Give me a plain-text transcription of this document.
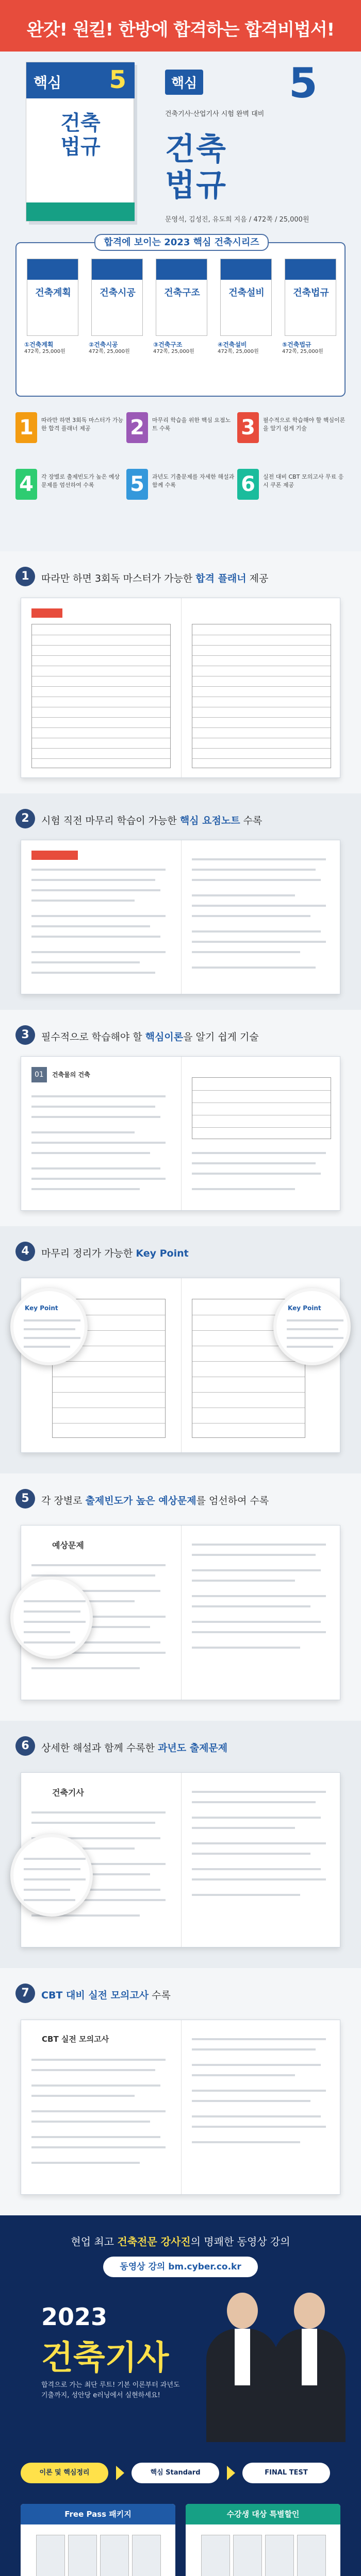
완갓! 원킬! 한방에 합격하는 합격비법서!
핵심 5
건축
법규
핵심 5
건축기사·산업기사 시험 완벽 대비
건축
법규
문영석, 김성진, 유도희 지음 / 472쪽 / 25,000원
합격에 보이는 2023 핵심 건축시리즈
건축계획	건축시공	건축구조	건축설비	건축법규
①건축계획
472쪽, 25,000원
②건축시공
472쪽, 25,000원
③건축구조
472쪽, 25,000원
④건축설비
472쪽, 25,000원
⑤건축법규
472쪽, 25,000원
1	따라만 하면 3회독 마스터가 가능한 합격 플래너 제공	2	마무리 학습을 위한 핵심 요점노트 수록	3	필수적으로 학습해야 할 핵심이론을 알기 쉽게 기술
4	각 장별로 출제빈도가 높은 예상문제를 엄선하여 수록	5	과년도 기출문제를 자세한 해설과 함께 수록	6	실전 대비 CBT 모의고사 무료 응시 쿠폰 제공
1	따라만 하면 3회독 마스터가 가능한 합격 플래너 제공
2	시험 직전 마무리 학습이 가능한 핵심 요점노트 수록
3	필수적으로 학습해야 할 핵심이론을 알기 쉽게 기술
01	건축물의 건축
4	마무리 정리가 가능한 Key Point
Key Point	Key Point
5	각 장별로 출제빈도가 높은 예상문제를 엄선하여 수록
예상문제
6	상세한 해설과 함께 수록한 과년도 출제문제
건축기사
7	CBT 대비 실전 모의고사 수록
CBT 실전 모의고사
현업 최고 건축전문 강사진의 명쾌한 동영상 강의
동영상 강의 bm.cyber.co.kr
2023
건축기사
합격으로 가는 최단 루트! 기본 이론부터 과년도 기출까지, 성안당 e러닝에서 실현하세요!
이론 및 핵심정리	핵심 Standard	FINAL TEST
Free Pass 패키지	수강생 대상 특별할인
